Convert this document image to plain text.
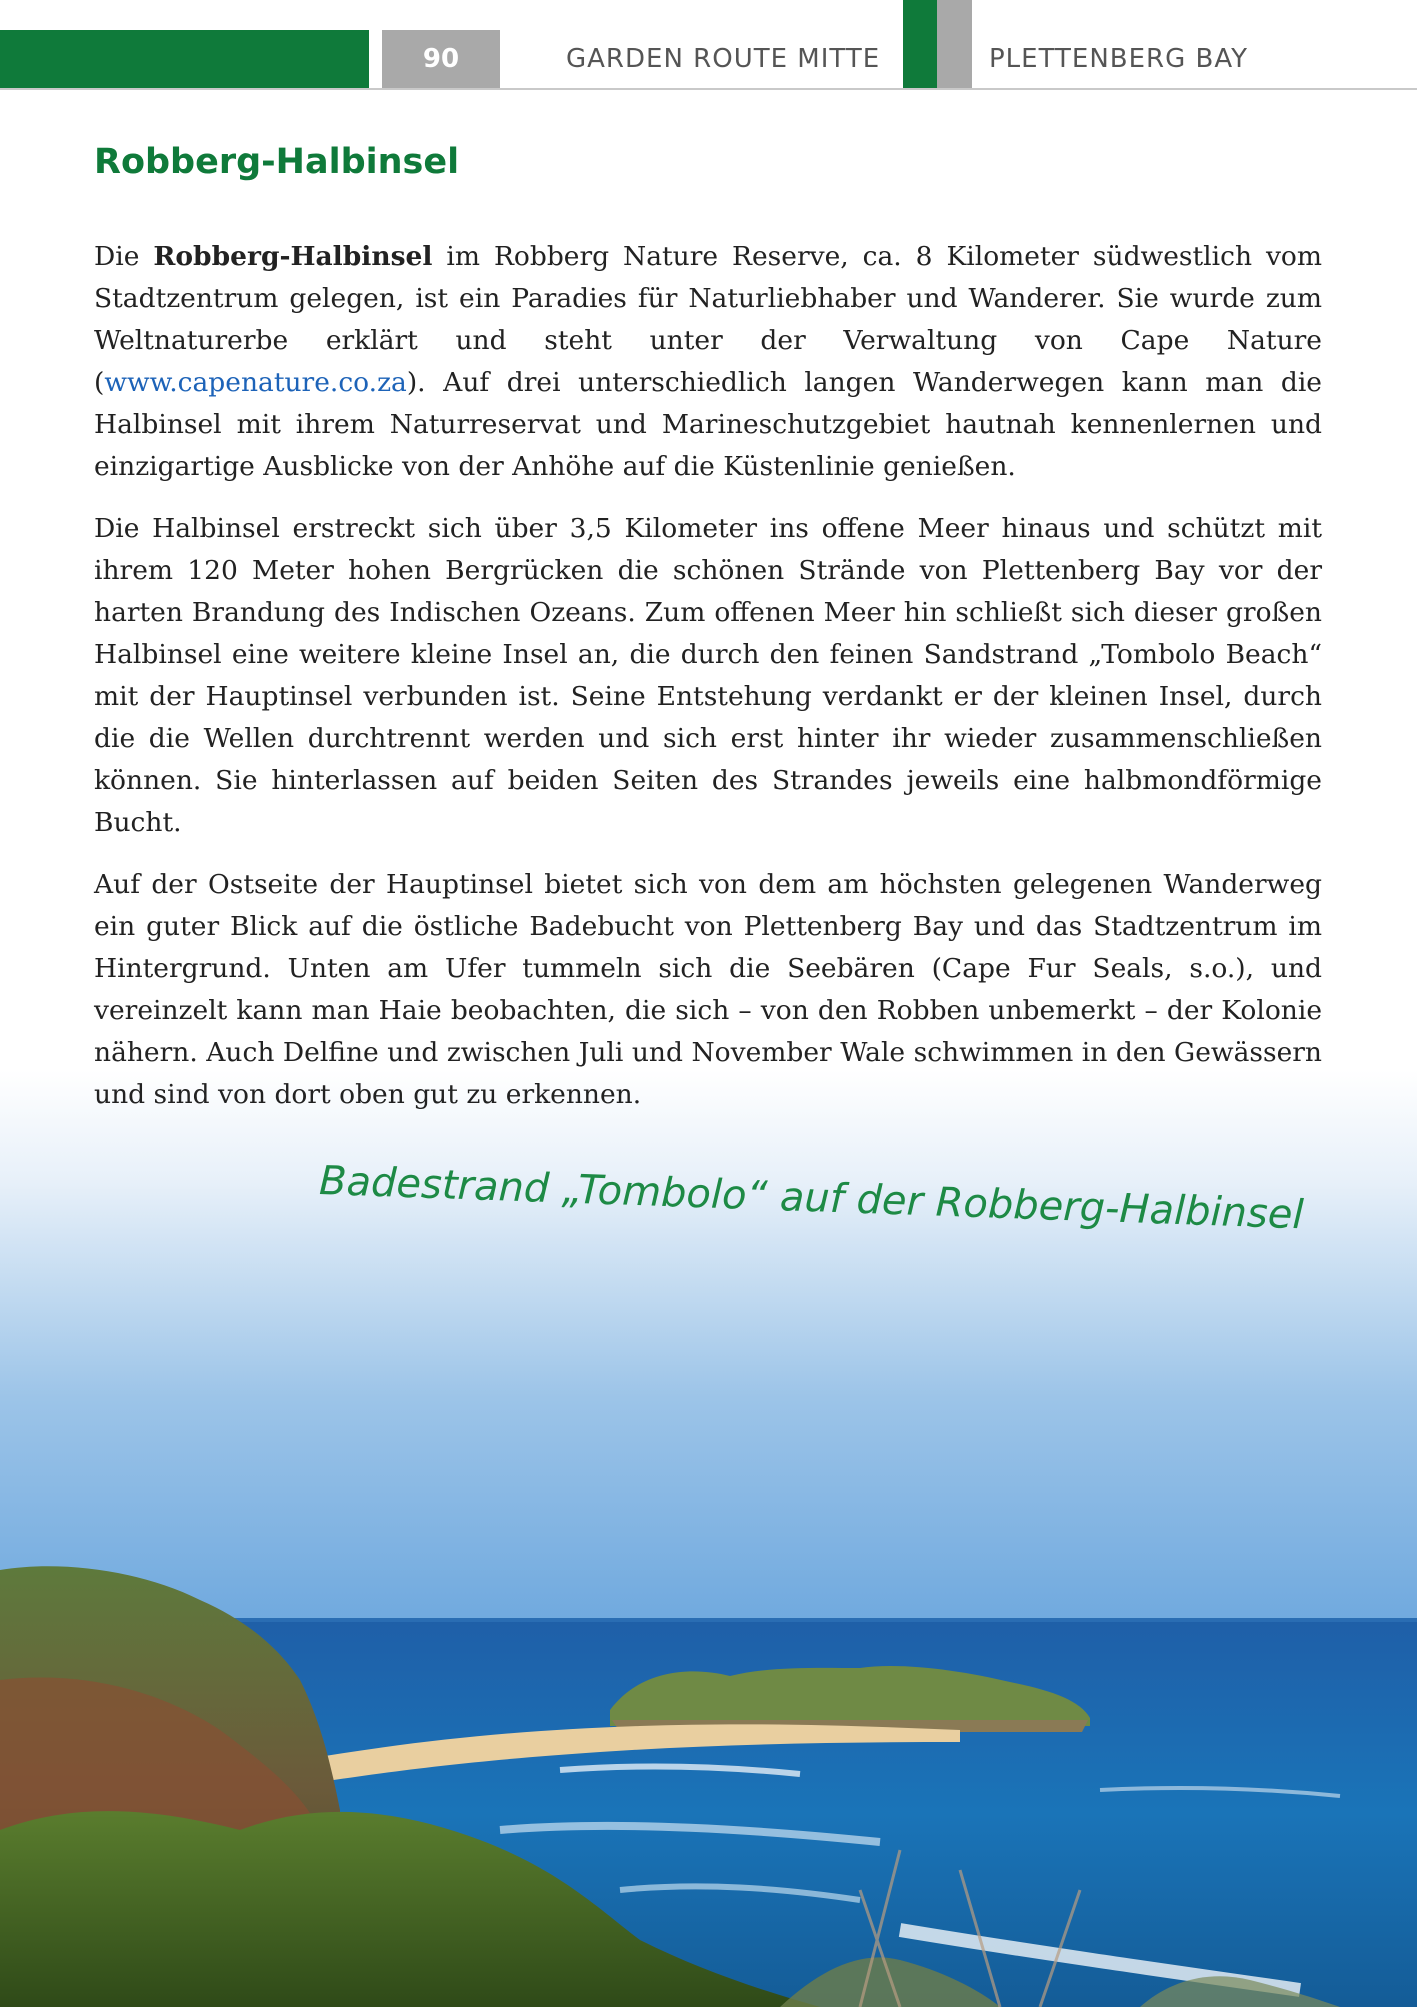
90	GARDEN ROUTE MITTE	PLETTENBERG BAY
Robberg-Halbinsel

Die Robberg-Halbinsel im Robberg Nature Reserve, ca. 8 Kilometer südwestlich vom Stadtzentrum gelegen, ist ein Paradies für Naturliebhaber und Wanderer. Sie wurde zum Weltnaturerbe erklärt und steht unter der Verwaltung von Cape Nature (www.capenature.co.za). Auf drei unterschiedlich langen Wanderwegen kann man die Halbinsel mit ihrem Naturreservat und Marineschutzgebiet hautnah kennenlernen und einzigartige Ausblicke von der Anhöhe auf die Küstenlinie genießen.

Die Halbinsel erstreckt sich über 3,5 Kilometer ins offene Meer hinaus und schützt mit ihrem 120 Meter hohen Bergrücken die schönen Strände von Plettenberg Bay vor der harten Brandung des Indischen Ozeans. Zum offenen Meer hin schließt sich dieser großen Halbinsel eine weitere kleine Insel an, die durch den feinen Sandstrand „Tombolo Beach“ mit der Hauptinsel verbunden ist. Seine Entstehung verdankt er der kleinen Insel, durch die die Wellen durchtrennt werden und sich erst hinter ihr wieder zusammenschließen können. Sie hinterlassen auf beiden Seiten des Strandes jeweils eine halbmondförmige Bucht.

Auf der Ostseite der Hauptinsel bietet sich von dem am höchsten gelegenen Wanderweg ein guter Blick auf die östliche Badebucht von Plettenberg Bay und das Stadtzentrum im Hintergrund. Unten am Ufer tummeln sich die Seebären (Cape Fur Seals, s.o.), und vereinzelt kann man Haie beobachten, die sich – von den Robben unbemerkt – der Kolonie nähern. Auch Delfine und zwischen Juli und November Wale schwimmen in den Gewässern und sind von dort oben gut zu erkennen.

Badestrand „Tombolo“ auf der Robberg-Halbinsel
